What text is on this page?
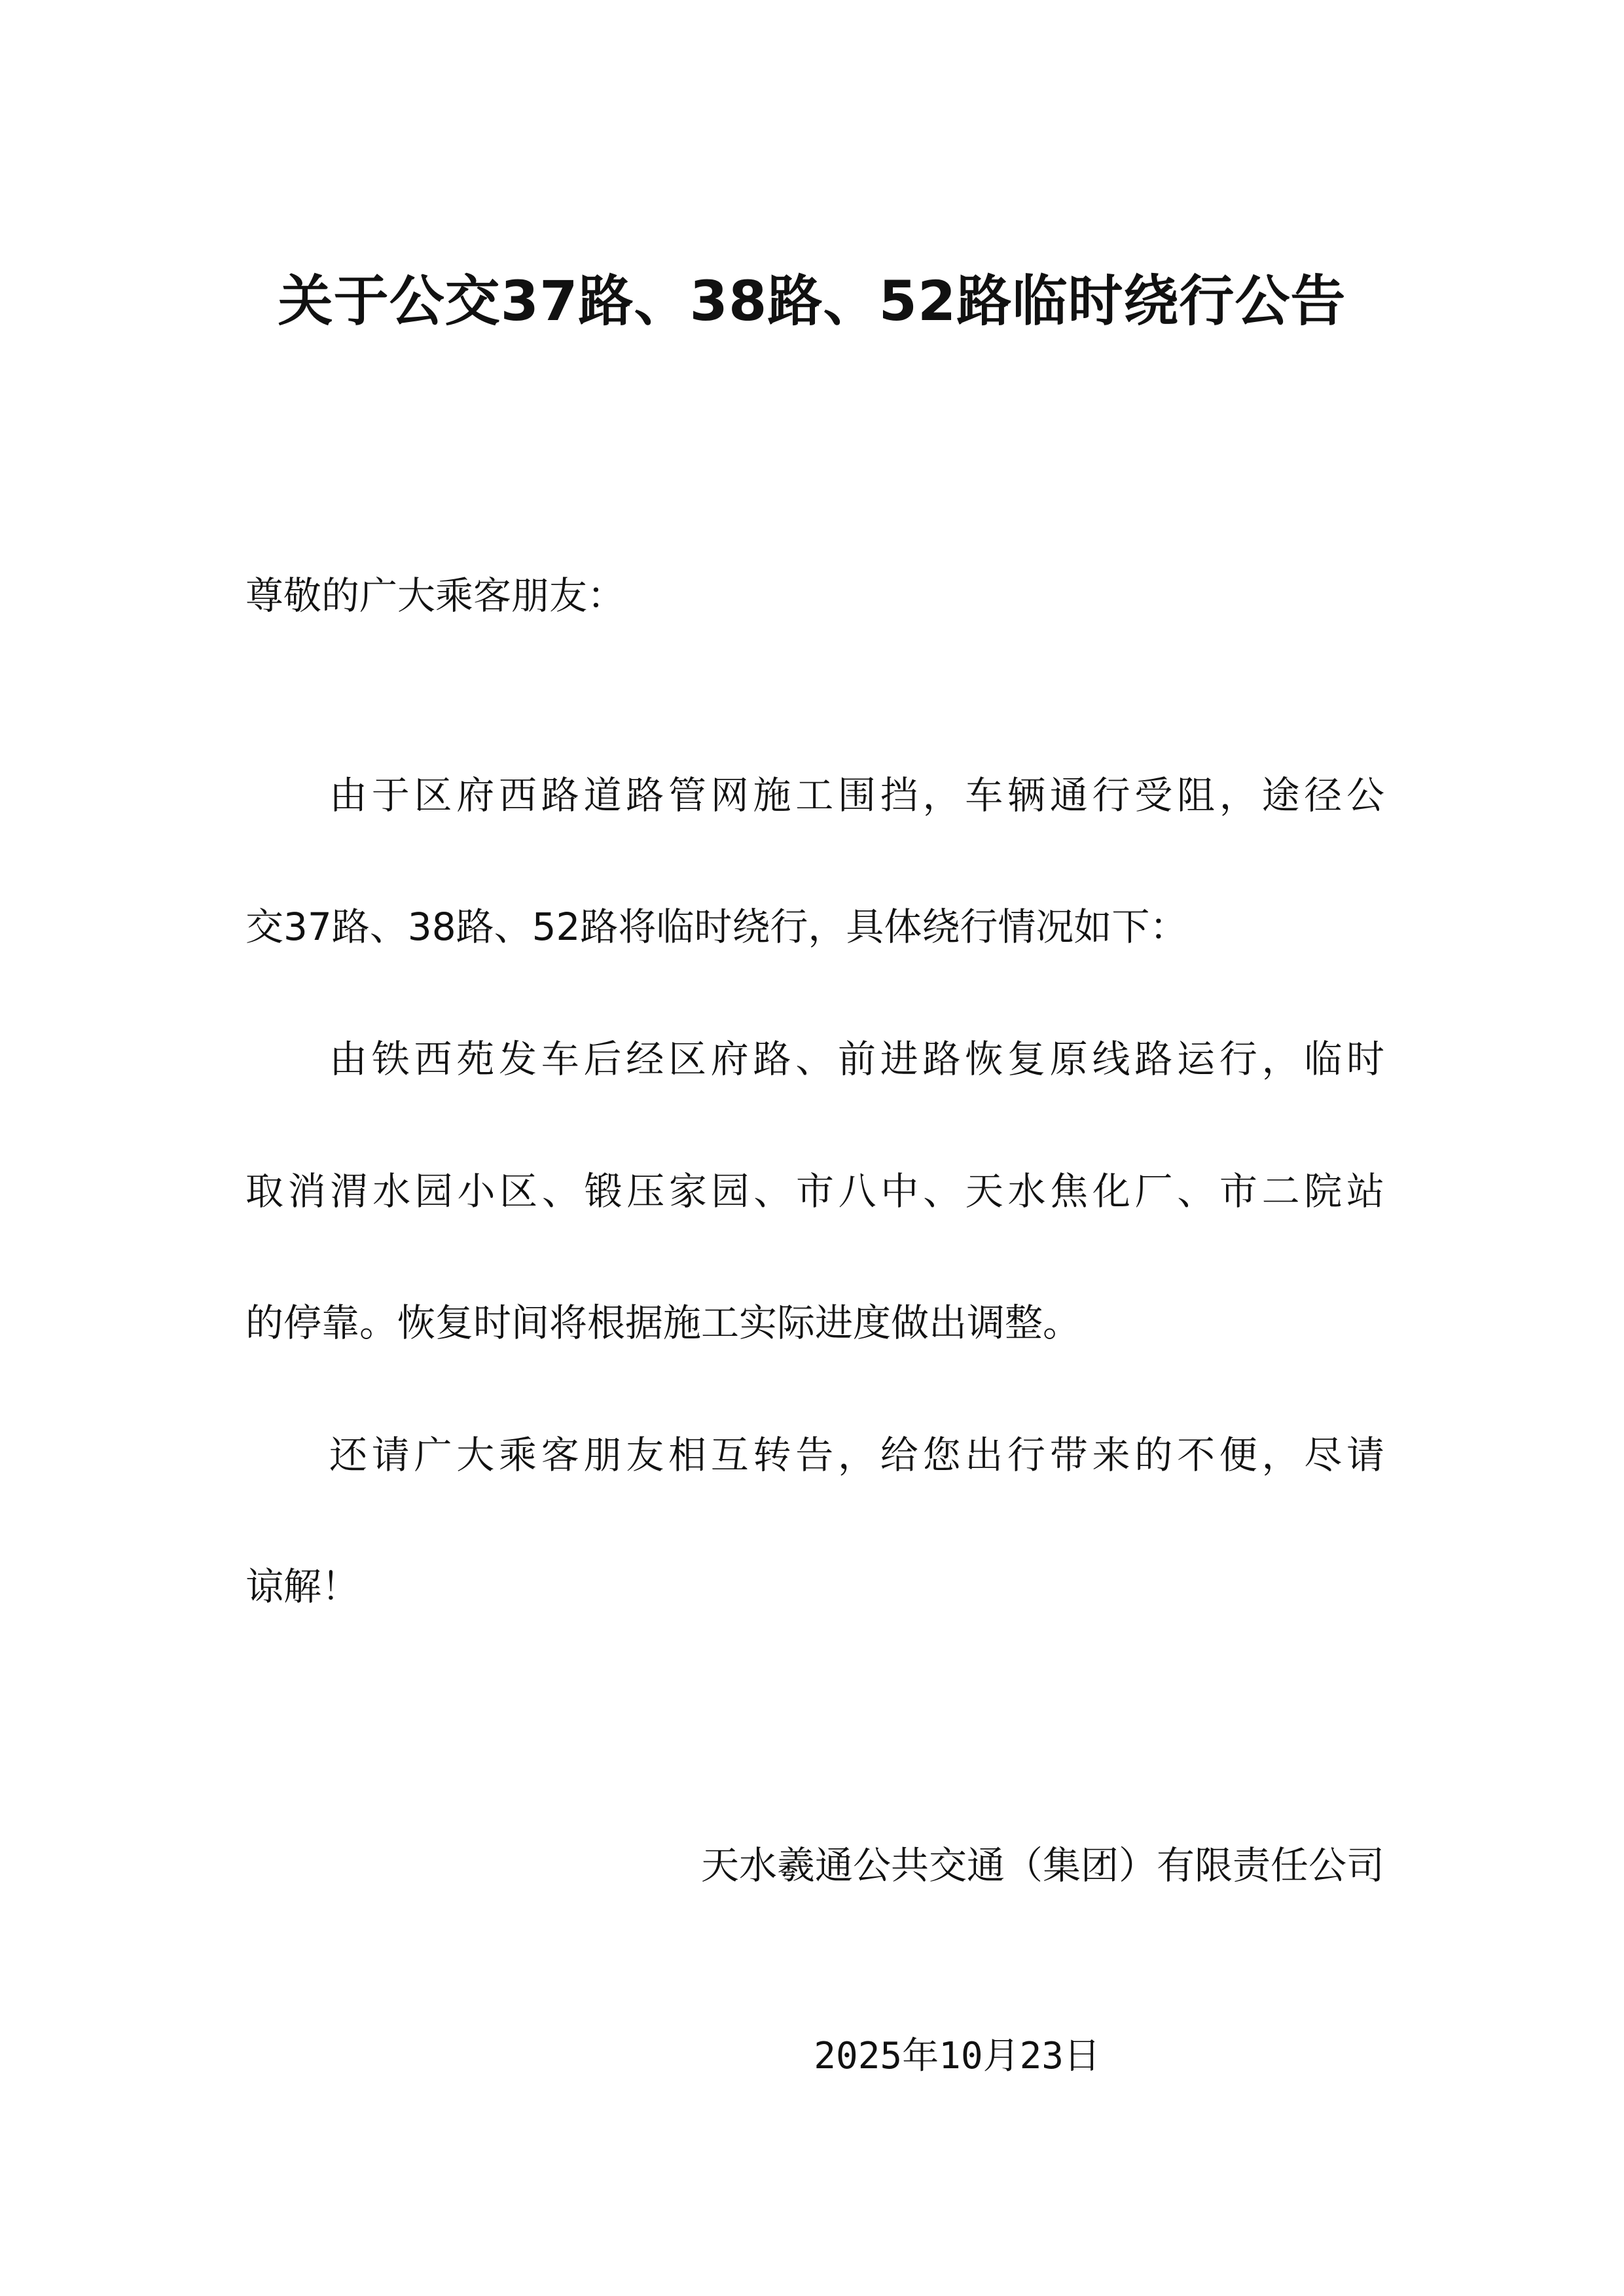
关于公交37路、38路、52路临时绕行公告
尊敬的广大乘客朋友：
由于区府西路道路管网施工围挡，车辆通行受阻，途径公
交37路、38路、52路将临时绕行，具体绕行情况如下：
由铁西苑发车后经区府路、前进路恢复原线路运行，临时
取消渭水园小区、锻压家园、市八中、天水焦化厂、市二院站
的停靠。恢复时间将根据施工实际进度做出调整。
还请广大乘客朋友相互转告，给您出行带来的不便，尽请
谅解！
天水羲通公共交通（集团）有限责任公司
2025年10月23日
